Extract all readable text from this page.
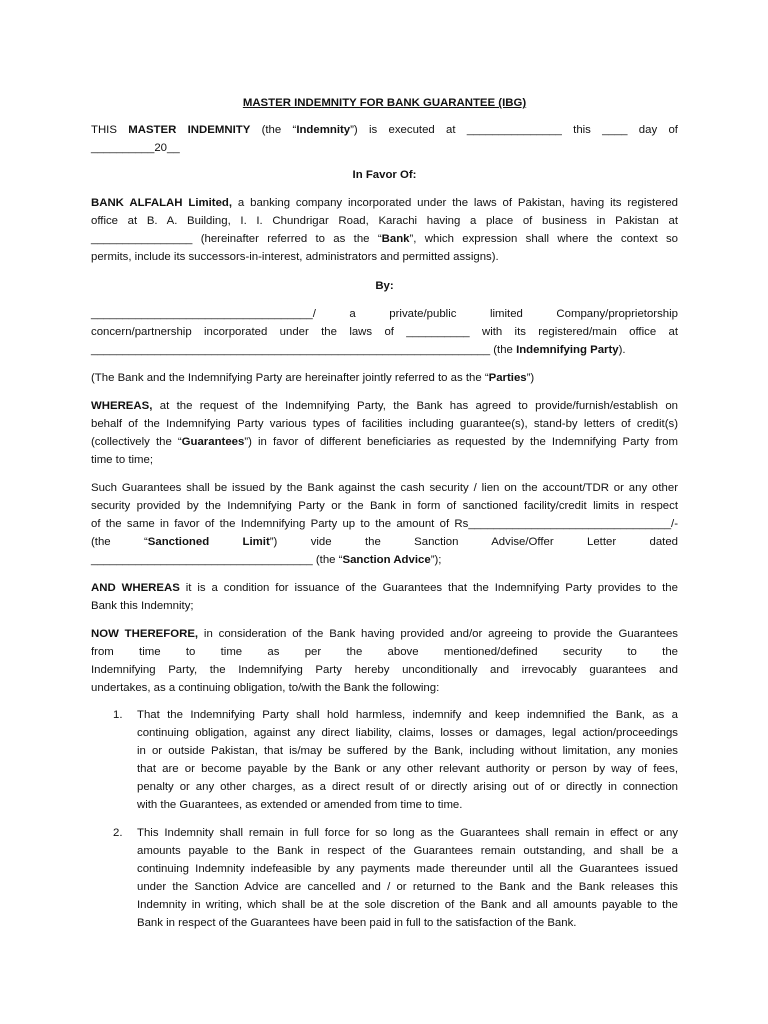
MASTER INDEMNITY FOR BANK GUARANTEE (IBG)
THIS MASTER INDEMNITY (the “Indemnity”) is executed at _______________ this ____ day of
__________20__
In Favor Of:
BANK ALFALAH Limited, a banking company incorporated under the laws of Pakistan, having its registered
office at B. A. Building, I. I. Chundrigar Road, Karachi having a place of business in Pakistan at
________________ (hereinafter referred to as the “Bank”, which expression shall where the context so
permits, include its successors-in-interest, administrators and permitted assigns).
By:
___________________________________/ a private/public limited Company/proprietorship
concern/partnership incorporated under the laws of __________ with its registered/main office at
_______________________________________________________________ (the Indemnifying Party).
(The Bank and the Indemnifying Party are hereinafter jointly referred to as the “Parties”)
WHEREAS, at the request of the Indemnifying Party, the Bank has agreed to provide/furnish/establish on
behalf of the Indemnifying Party various types of facilities including guarantee(s), stand-by letters of credit(s)
(collectively the “Guarantees”) in favor of different beneficiaries as requested by the Indemnifying Party from
time to time;
Such Guarantees shall be issued by the Bank against the cash security / lien on the account/TDR or any other
security provided by the Indemnifying Party or the Bank in form of sanctioned facility/credit limits in respect
of the same in favor of the Indemnifying Party up to the amount of Rs________________________________/-
(the “Sanctioned Limit”) vide the Sanction Advise/Offer Letter dated
___________________________________ (the “Sanction Advice”);
AND WHEREAS it is a condition for issuance of the Guarantees that the Indemnifying Party provides to the
Bank this Indemnity;
NOW THEREFORE, in consideration of the Bank having provided and/or agreeing to provide the Guarantees
from time to time as per the above mentioned/defined security to the
Indemnifying Party, the Indemnifying Party hereby unconditionally and irrevocably guarantees and
undertakes, as a continuing obligation, to/with the Bank the following:
1.	That the Indemnifying Party shall hold harmless, indemnify and keep indemnified the Bank, as a
continuing obligation, against any direct liability, claims, losses or damages, legal action/proceedings
in or outside Pakistan, that is/may be suffered by the Bank, including without limitation, any monies
that are or become payable by the Bank or any other relevant authority or person by way of fees,
penalty or any other charges, as a direct result of or directly arising out of or directly in connection
with the Guarantees, as extended or amended from time to time.
2.	This Indemnity shall remain in full force for so long as the Guarantees shall remain in effect or any
amounts payable to the Bank in respect of the Guarantees remain outstanding, and shall be a
continuing Indemnity indefeasible by any payments made thereunder until all the Guarantees issued
under the Sanction Advice are cancelled and / or returned to the Bank and the Bank releases this
Indemnity in writing, which shall be at the sole discretion of the Bank and all amounts payable to the
Bank in respect of the Guarantees have been paid in full to the satisfaction of the Bank.
